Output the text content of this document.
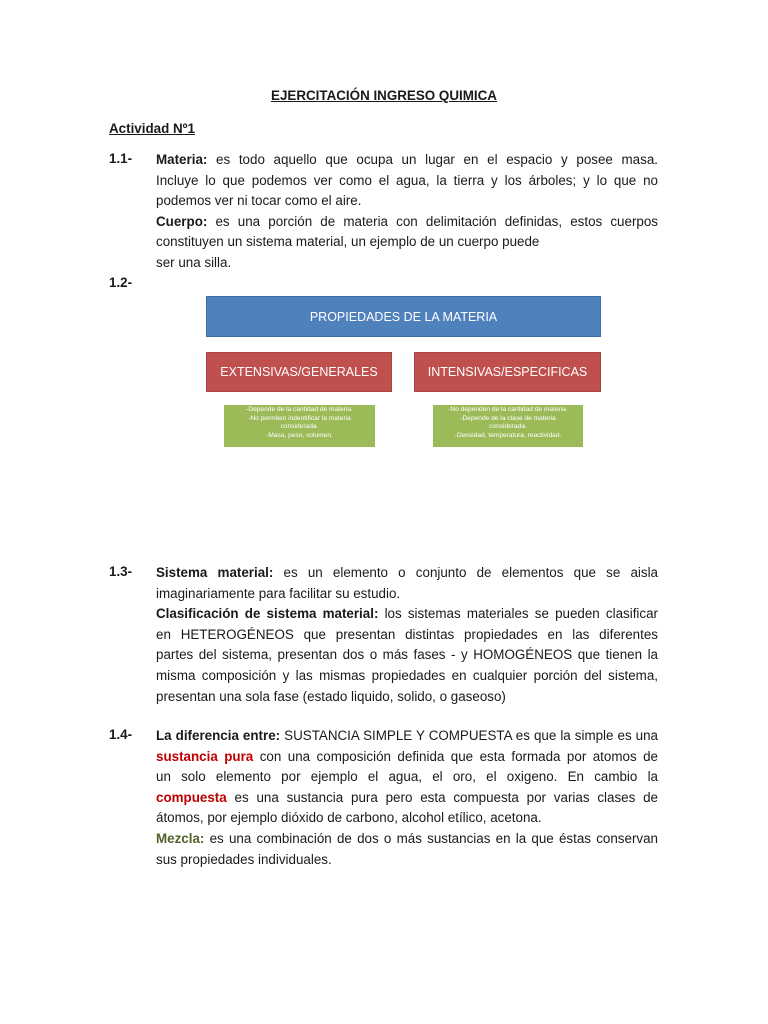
EJERCITACIÓN INGRESO QUIMICA
Actividad Nº1
1.1- Materia: es todo aquello que ocupa un lugar en el espacio y posee masa.
Incluye lo que podemos ver como el agua, la tierra y los árboles; y lo que no
podemos ver ni tocar como el aire.
Cuerpo: es una porción de materia con delimitación definidas, estos cuerpos
constituyen un sistema material, un ejemplo de un cuerpo puede
ser una silla.
1.2-
PROPIEDADES DE LA MATERIA
EXTENSIVAS/GENERALES	INTENSIVAS/ESPECIFICAS
-Depende de la cantidad de materia.
-No permiten indentificar la materia
considerada.
-Masa, peso, volumen.
-No dependen de la cantidad de materia.
-Depende de la clase de materia
considerada.
-Densidad, temperatura, reactividad.
1.3- Sistema material: es un elemento o conjunto de elementos que se aisla
imaginariamente para facilitar su estudio.
Clasificación de sistema material: los sistemas materiales se pueden clasificar
en HETEROGÉNEOS que presentan distintas propiedades en las diferentes
partes del sistema, presentan dos o más fases - y HOMOGÉNEOS que tienen la
misma composición y las mismas propiedades en cualquier porción del sistema,
presentan una sola fase (estado liquido, solido, o gaseoso)
1.4- La diferencia entre: SUSTANCIA SIMPLE Y COMPUESTA es que la simple es una
sustancia pura con una composición definida que esta formada por atomos de
un solo elemento por ejemplo el agua, el oro, el oxigeno. En cambio la
compuesta es una sustancia pura pero esta compuesta por varias clases de
átomos, por ejemplo dióxido de carbono, alcohol etílico, acetona.
Mezcla: es una combinación de dos o más sustancias en la que éstas conservan
sus propiedades individuales.
